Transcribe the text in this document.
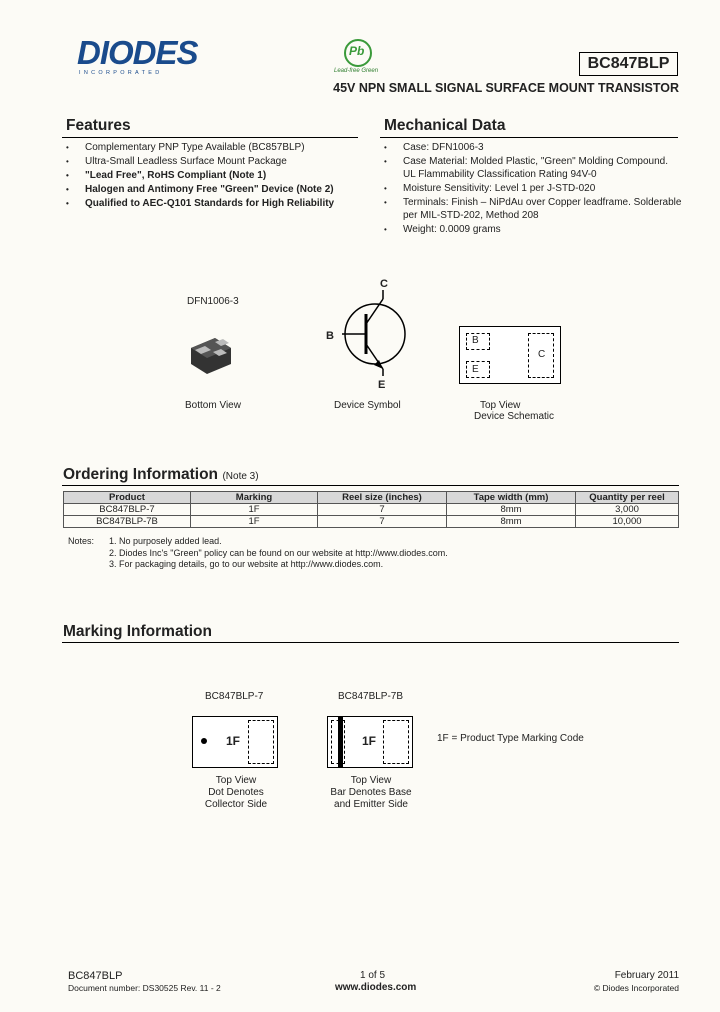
DIODES
INCORPORATED
Pb
Lead-free Green	BC847BLP
45V NPN SMALL SIGNAL SURFACE MOUNT TRANSISTOR
Features
• Complementary PNP Type Available (BC857BLP)
• Ultra-Small Leadless Surface Mount Package
• "Lead Free", RoHS Compliant (Note 1)
• Halogen and Antimony Free "Green" Device (Note 2)
• Qualified to AEC-Q101 Standards for High Reliability
Mechanical Data
• Case: DFN1006-3
• Case Material: Molded Plastic, "Green" Molding Compound. UL Flammability Classification Rating 94V-0
• Moisture Sensitivity: Level 1 per J-STD-020
• Terminals: Finish – NiPdAu over Copper leadframe. Solderable per MIL-STD-202, Method 208
• Weight: 0.0009 grams
DFN1006-3
Bottom View
C
B
E
Device Symbol
B
E
C
Top View
Device Schematic
Ordering Information (Note 3)
Product	Marking	Reel size (inches)	Tape width (mm)	Quantity per reel
BC847BLP-7	1F	7	8mm	3,000
BC847BLP-7B	1F	7	8mm	10,000
Notes: 1. No purposely added lead.
2. Diodes Inc's "Green" policy can be found on our website at http://www.diodes.com.
3. For packaging details, go to our website at http://www.diodes.com.
Marking Information
BC847BLP-7
1F
Top View
Dot Denotes
Collector Side
BC847BLP-7B
1F
Top View
Bar Denotes Base
and Emitter Side
1F = Product Type Marking Code
BC847BLP
Document number: DS30525 Rev. 11 - 2
1 of 5
www.diodes.com
February 2011
© Diodes Incorporated
